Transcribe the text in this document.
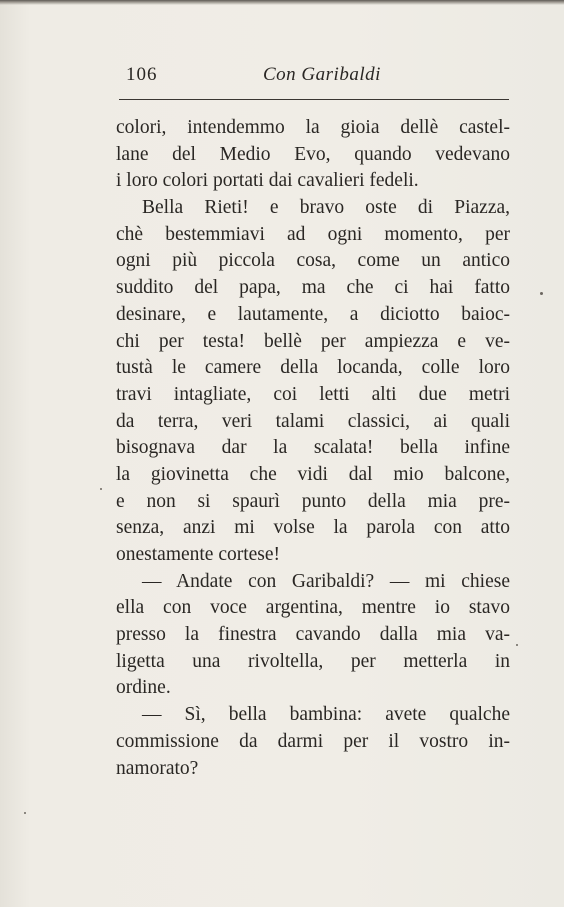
106	Con Garibaldi
colori, intendemmo la gioia dellè castel-
lane del Medio Evo, quando vedevano
i loro colori portati dai cavalieri fedeli.
Bella Rieti! e bravo oste di Piazza,
chè bestemmiavi ad ogni momento, per
ogni più piccola cosa, come un antico
suddito del papa, ma che ci hai fatto
desinare, e lautamente, a diciotto baioc-
chi per testa! bellè per ampiezza e ve-
tustà le camere della locanda, colle loro
travi intagliate, coi letti alti due metri
da terra, veri talami classici, ai quali
bisognava dar la scalata! bella infine
la giovinetta che vidi dal mio balcone,
e non si spaurì punto della mia pre-
senza, anzi mi volse la parola con atto
onestamente cortese!
— Andate con Garibaldi? — mi chiese
ella con voce argentina, mentre io stavo
presso la finestra cavando dalla mia va-
ligetta una rivoltella, per metterla in
ordine.
— Sì, bella bambina: avete qualche
commissione da darmi per il vostro in-
namorato?
